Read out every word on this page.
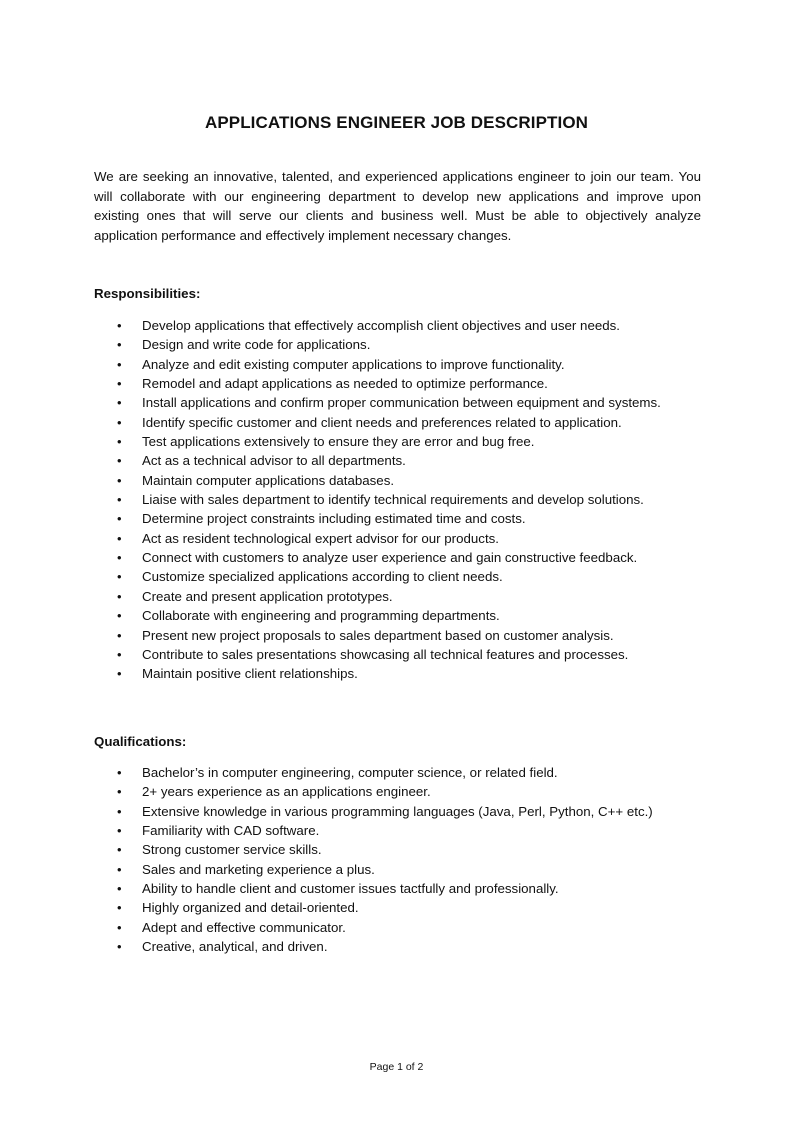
APPLICATIONS ENGINEER JOB DESCRIPTION
We are seeking an innovative, talented, and experienced applications engineer to join our team. You will collaborate with our engineering department to develop new applications and improve upon existing ones that will serve our clients and business well. Must be able to objectively analyze application performance and effectively implement necessary changes.
Responsibilities:
• Develop applications that effectively accomplish client objectives and user needs.
• Design and write code for applications.
• Analyze and edit existing computer applications to improve functionality.
• Remodel and adapt applications as needed to optimize performance.
• Install applications and confirm proper communication between equipment and systems.
• Identify specific customer and client needs and preferences related to application.
• Test applications extensively to ensure they are error and bug free.
• Act as a technical advisor to all departments.
• Maintain computer applications databases.
• Liaise with sales department to identify technical requirements and develop solutions.
• Determine project constraints including estimated time and costs.
• Act as resident technological expert advisor for our products.
• Connect with customers to analyze user experience and gain constructive feedback.
• Customize specialized applications according to client needs.
• Create and present application prototypes.
• Collaborate with engineering and programming departments.
• Present new project proposals to sales department based on customer analysis.
• Contribute to sales presentations showcasing all technical features and processes.
• Maintain positive client relationships.
Qualifications:
• Bachelor’s in computer engineering, computer science, or related field.
• 2+ years experience as an applications engineer.
• Extensive knowledge in various programming languages (Java, Perl, Python, C++ etc.)
• Familiarity with CAD software.
• Strong customer service skills.
• Sales and marketing experience a plus.
• Ability to handle client and customer issues tactfully and professionally.
• Highly organized and detail-oriented.
• Adept and effective communicator.
• Creative, analytical, and driven.
Page 1 of 2
